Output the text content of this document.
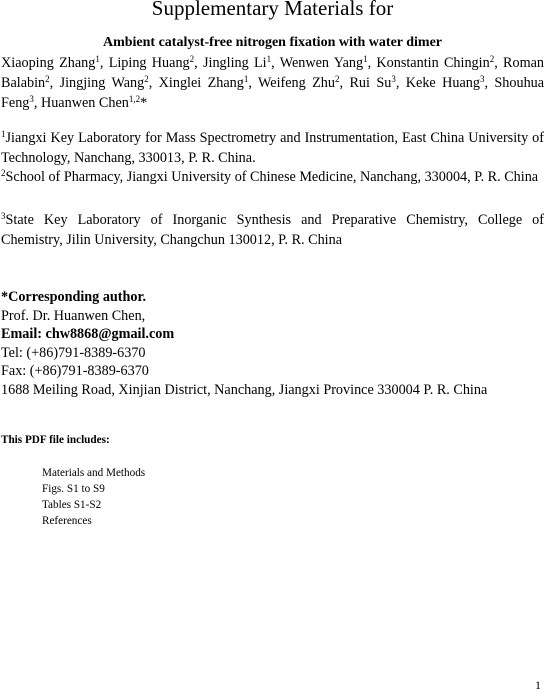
Supplementary Materials for
Ambient catalyst-free nitrogen fixation with water dimer
Xiaoping Zhang$^1$, Liping Huang$^2$, Jingling Li$^1$, Wenwen Yang$^1$, Konstantin Chingin$^2$, Roman Balabin$^2$, Jingjing Wang$^2$, Xinglei Zhang$^1$, Weifeng Zhu$^2$, Rui Su$^3$, Keke Huang$^3$, Shouhua Feng$^3$, Huanwen Chen$^{1,2}$*
$^1$Jiangxi Key Laboratory for Mass Spectrometry and Instrumentation, East China University of Technology, Nanchang, 330013, P. R. China.
$^2$School of Pharmacy, Jiangxi University of Chinese Medicine, Nanchang, 330004, P. R. China
$^3$State Key Laboratory of Inorganic Synthesis and Preparative Chemistry, College of Chemistry, Jilin University, Changchun 130012, P. R. China
*Corresponding author.
Prof. Dr. Huanwen Chen,
Email: chw8868@gmail.com
Tel: (+86)791-8389-6370
Fax: (+86)791-8389-6370
1688 Meiling Road, Xinjian District, Nanchang, Jiangxi Province 330004 P. R. China
This PDF file includes:
Materials and Methods
Figs. S1 to S9
Tables S1-S2
References
1
